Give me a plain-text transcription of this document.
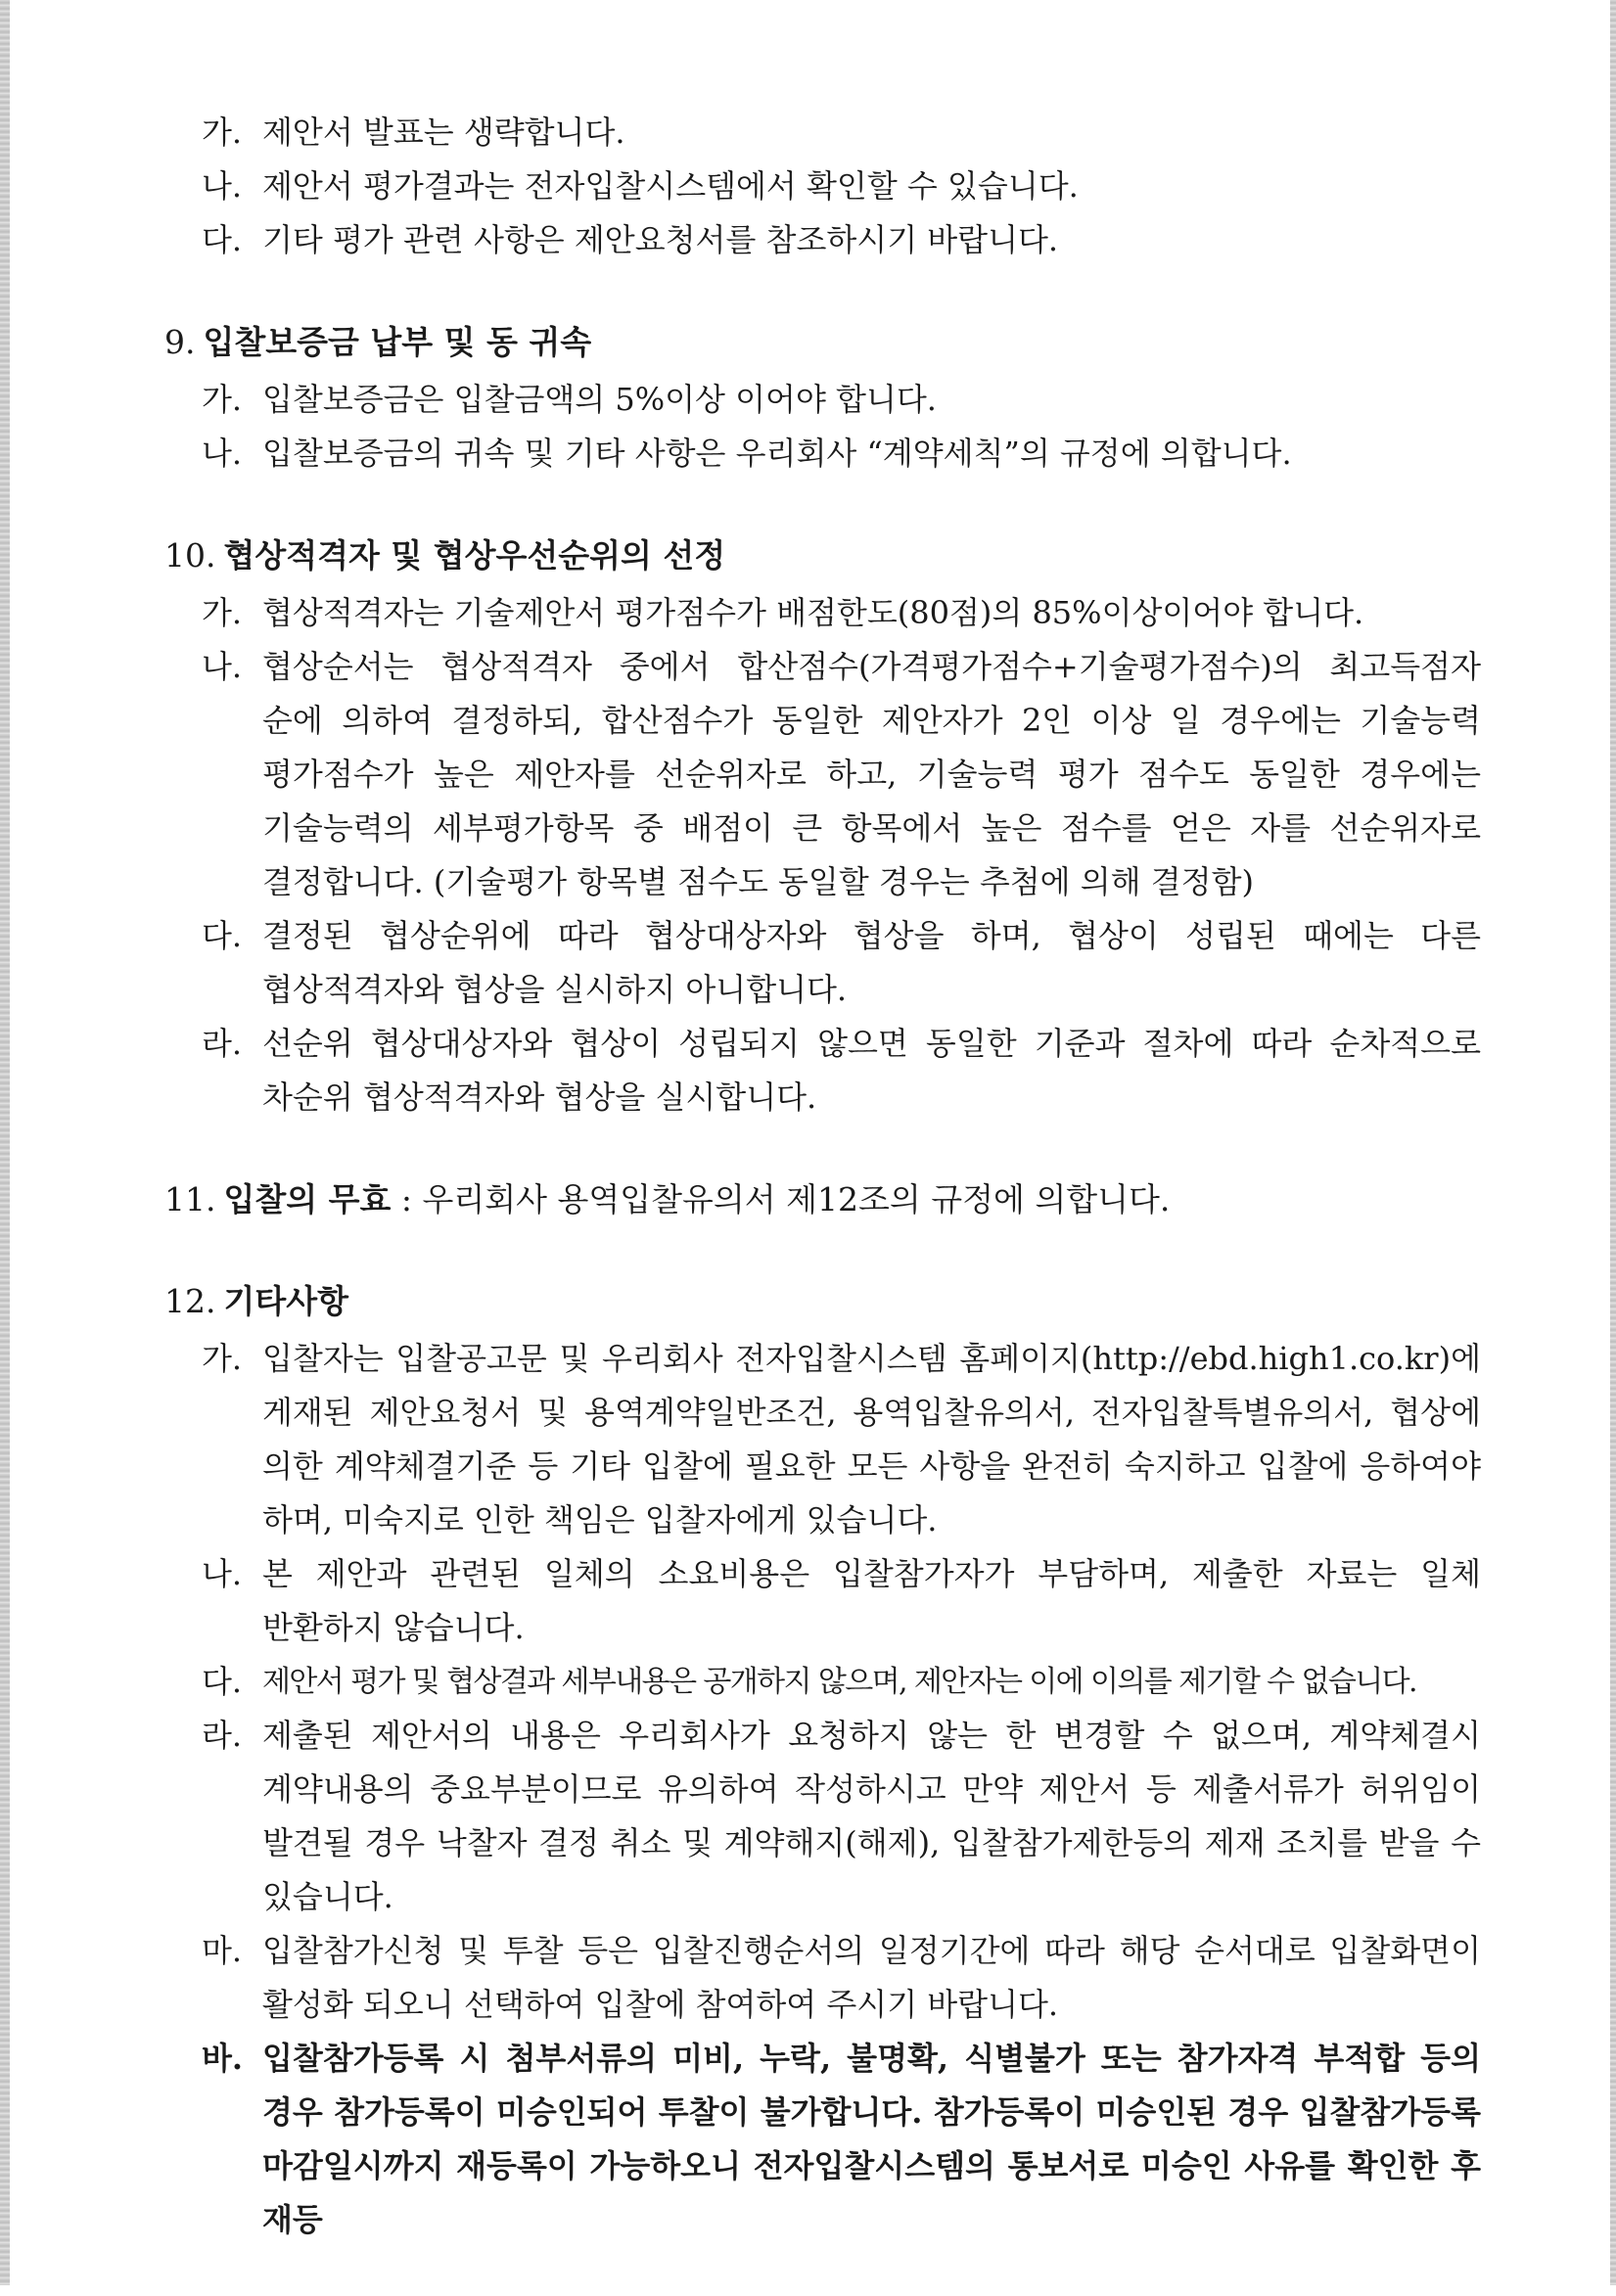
가. 제안서 발표는 생략합니다.
나. 제안서 평가결과는 전자입찰시스템에서 확인할 수 있습니다.
다. 기타 평가 관련 사항은 제안요청서를 참조하시기 바랍니다.
9. 입찰보증금 납부 및 동 귀속
가. 입찰보증금은 입찰금액의 5%이상 이어야 합니다.
나. 입찰보증금의 귀속 및 기타 사항은 우리회사 “계약세칙”의 규정에 의합니다.
10. 협상적격자 및 협상우선순위의 선정
가. 협상적격자는 기술제안서 평가점수가 배점한도(80점)의 85%이상이어야 합니다.
나. 협상순서는 협상적격자 중에서 합산점수(가격평가점수+기술평가점수)의 최고득점자 순에 의하여 결정하되, 합산점수가 동일한 제안자가 2인 이상 일 경우에는 기술능력 평가점수가 높은 제안자를 선순위자로 하고, 기술능력 평가 점수도 동일한 경우에는 기술능력의 세부평가항목 중 배점이 큰 항목에서 높은 점수를 얻은 자를 선순위자로 결정합니다. (기술평가 항목별 점수도 동일할 경우는 추첨에 의해 결정함)
다. 결정된 협상순위에 따라 협상대상자와 협상을 하며, 협상이 성립된 때에는 다른 협상적격자와 협상을 실시하지 아니합니다.
라. 선순위 협상대상자와 협상이 성립되지 않으면 동일한 기준과 절차에 따라 순차적으로 차순위 협상적격자와 협상을 실시합니다.
11. 입찰의 무효 : 우리회사 용역입찰유의서 제12조의 규정에 의합니다.
12. 기타사항
가. 입찰자는 입찰공고문 및 우리회사 전자입찰시스템 홈페이지(http://ebd.high1.co.kr)에 게재된 제안요청서 및 용역계약일반조건, 용역입찰유의서, 전자입찰특별유의서, 협상에 의한 계약체결기준 등 기타 입찰에 필요한 모든 사항을 완전히 숙지하고 입찰에 응하여야 하며, 미숙지로 인한 책임은 입찰자에게 있습니다.
나. 본 제안과 관련된 일체의 소요비용은 입찰참가자가 부담하며, 제출한 자료는 일체 반환하지 않습니다.
다. 제안서 평가 및 협상결과 세부내용은 공개하지 않으며, 제안자는 이에 이의를 제기할 수 없습니다.
라. 제출된 제안서의 내용은 우리회사가 요청하지 않는 한 변경할 수 없으며, 계약체결시 계약내용의 중요부분이므로 유의하여 작성하시고 만약 제안서 등 제출서류가 허위임이 발견될 경우 낙찰자 결정 취소 및 계약해지(해제), 입찰참가제한등의 제재 조치를 받을 수 있습니다.
마. 입찰참가신청 및 투찰 등은 입찰진행순서의 일정기간에 따라 해당 순서대로 입찰화면이 활성화 되오니 선택하여 입찰에 참여하여 주시기 바랍니다.
바. 입찰참가등록 시 첨부서류의 미비, 누락, 불명확, 식별불가 또는 참가자격 부적합 등의 경우 참가등록이 미승인되어 투찰이 불가합니다. 참가등록이 미승인된 경우 입찰참가등록 마감일시까지 재등록이 가능하오니 전자입찰시스템의 통보서로 미승인 사유를 확인한 후 재등
